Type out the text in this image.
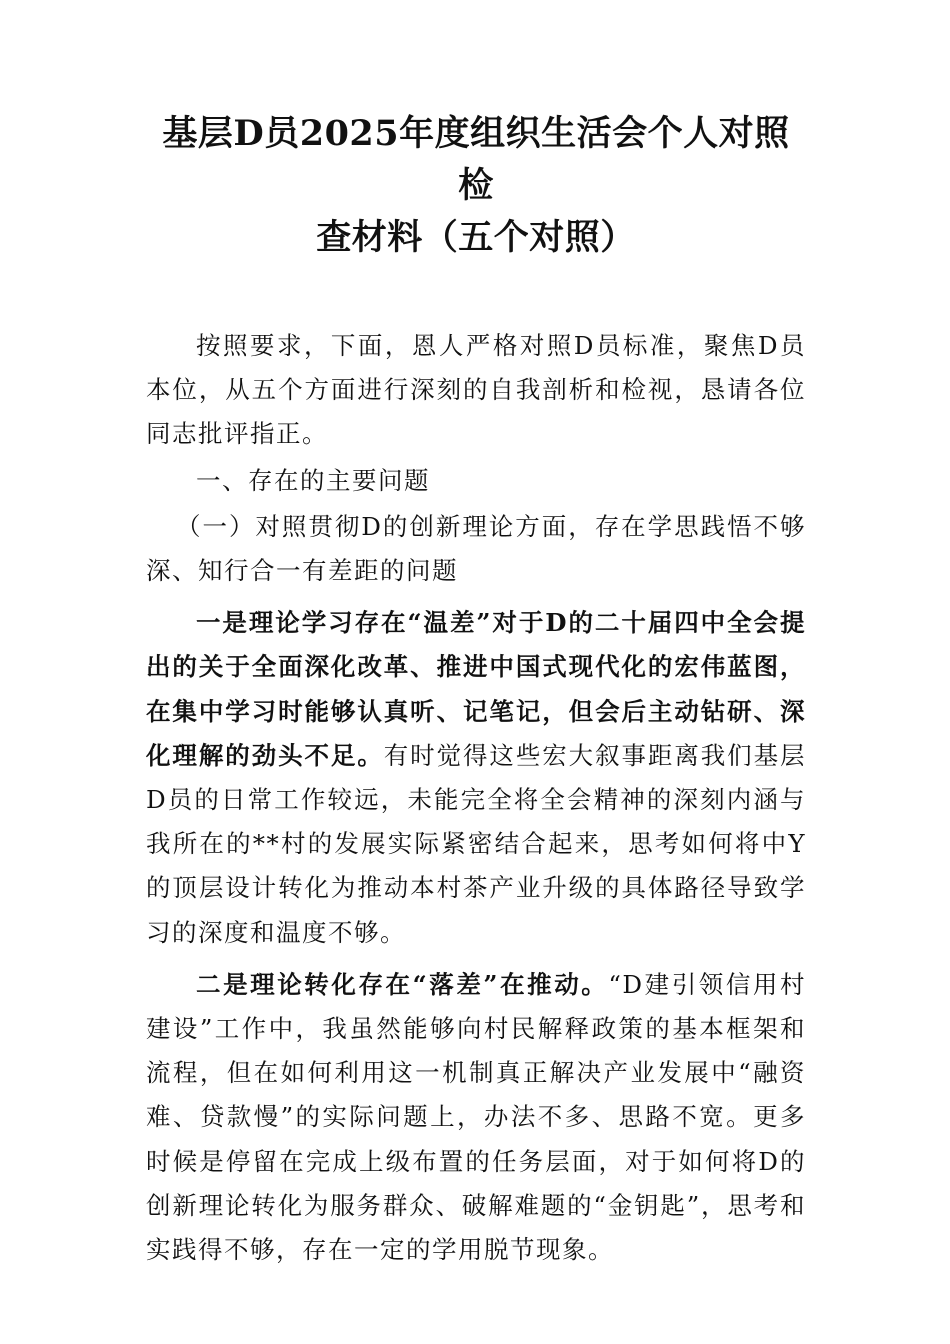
基层D员2025年度组织生活会个人对照检
查材料（五个对照）

按照要求，下面，恩人严格对照D员标准，聚焦D员本位，从五个方面进行深刻的自我剖析和检视，恳请各位同志批评指正。

一、存在的主要问题

（一）对照贯彻D的创新理论方面，存在学思践悟不够深、知行合一有差距的问题

一是理论学习存在“温差”对于D的二十届四中全会提出的关于全面深化改革、推进中国式现代化的宏伟蓝图，在集中学习时能够认真听、记笔记，但会后主动钻研、深化理解的劲头不足。有时觉得这些宏大叙事距离我们基层D员的日常工作较远，未能完全将全会精神的深刻内涵与我所在的**村的发展实际紧密结合起来，思考如何将中Y的顶层设计转化为推动本村茶产业升级的具体路径导致学习的深度和温度不够。

二是理论转化存在“落差”在推动。“D建引领信用村建设”工作中，我虽然能够向村民解释政策的基本框架和流程，但在如何利用这一机制真正解决产业发展中“融资难、贷款慢”的实际问题上，办法不多、思路不宽。更多时候是停留在完成上级布置的任务层面，对于如何将D的创新理论转化为服务群众、破解难题的“金钥匙”，思考和实践得不够，存在一定的学用脱节现象。
